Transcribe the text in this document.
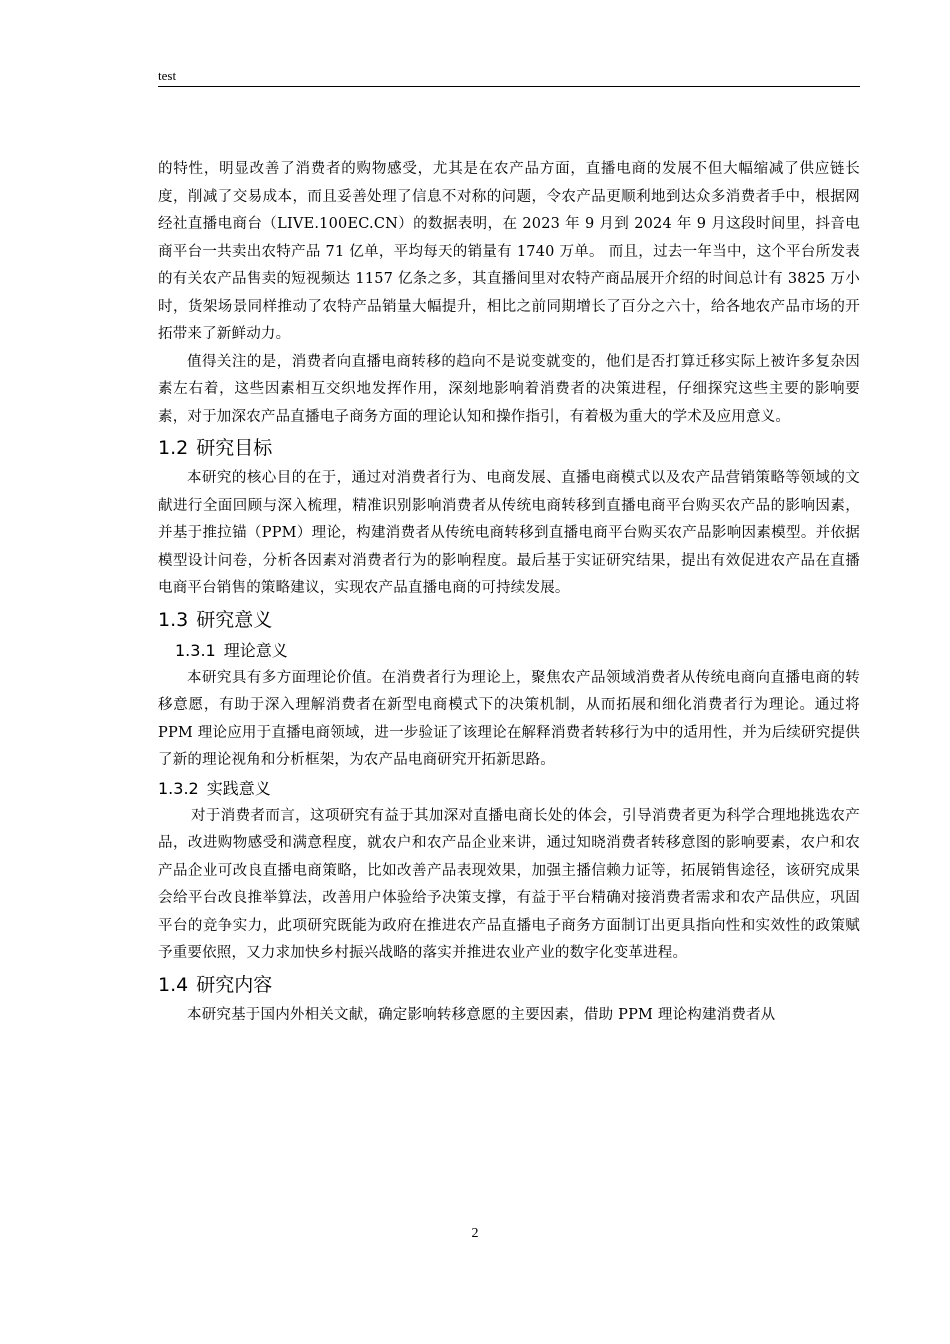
test

的特性，明显改善了消费者的购物感受，尤其是在农产品方面，直播电商的发展不但大幅缩减了供应链长度，削减了交易成本，而且妥善处理了信息不对称的问题，令农产品更顺利地到达众多消费者手中，根据网经社直播电商台（LIVE.100EC.CN）的数据表明，在 2023 年 9 月到 2024 年 9 月这段时间里，抖音电商平台一共卖出农特产品 71 亿单，平均每天的销量有 1740 万单。 而且，过去一年当中，这个平台所发表的有关农产品售卖的短视频达 1157 亿条之多，其直播间里对农特产商品展开介绍的时间总计有 3825 万小时，货架场景同样推动了农特产品销量大幅提升，相比之前同期增长了百分之六十，给各地农产品市场的开拓带来了新鲜动力。

值得关注的是，消费者向直播电商转移的趋向不是说变就变的，他们是否打算迁移实际上被许多复杂因素左右着，这些因素相互交织地发挥作用，深刻地影响着消费者的决策进程，仔细探究这些主要的影响要素，对于加深农产品直播电子商务方面的理论认知和操作指引，有着极为重大的学术及应用意义。

1.2 研究目标

本研究的核心目的在于，通过对消费者行为、电商发展、直播电商模式以及农产品营销策略等领域的文献进行全面回顾与深入梳理，精准识别影响消费者从传统电商转移到直播电商平台购买农产品的影响因素，并基于推拉锚（PPM）理论，构建消费者从传统电商转移到直播电商平台购买农产品影响因素模型。并依据模型设计问卷，分析各因素对消费者行为的影响程度。最后基于实证研究结果，提出有效促进农产品在直播电商平台销售的策略建议，实现农产品直播电商的可持续发展。

1.3 研究意义
1.3.1 理论意义

本研究具有多方面理论价值。在消费者行为理论上，聚焦农产品领域消费者从传统电商向直播电商的转移意愿，有助于深入理解消费者在新型电商模式下的决策机制，从而拓展和细化消费者行为理论。通过将 PPM 理论应用于直播电商领域，进一步验证了该理论在解释消费者转移行为中的适用性，并为后续研究提供了新的理论视角和分析框架，为农产品电商研究开拓新思路。

1.3.2 实践意义

对于消费者而言，这项研究有益于其加深对直播电商长处的体会，引导消费者更为科学合理地挑选农产品，改进购物感受和满意程度，就农户和农产品企业来讲，通过知晓消费者转移意图的影响要素，农户和农产品企业可改良直播电商策略，比如改善产品表现效果，加强主播信赖力证等，拓展销售途径，该研究成果会给平台改良推举算法，改善用户体验给予决策支撑，有益于平台精确对接消费者需求和农产品供应，巩固平台的竞争实力，此项研究既能为政府在推进农产品直播电子商务方面制订出更具指向性和实效性的政策赋予重要依照，又力求加快乡村振兴战略的落实并推进农业产业的数字化变革进程。

1.4 研究内容

本研究基于国内外相关文献，确定影响转移意愿的主要因素，借助 PPM 理论构建消费者从

2
